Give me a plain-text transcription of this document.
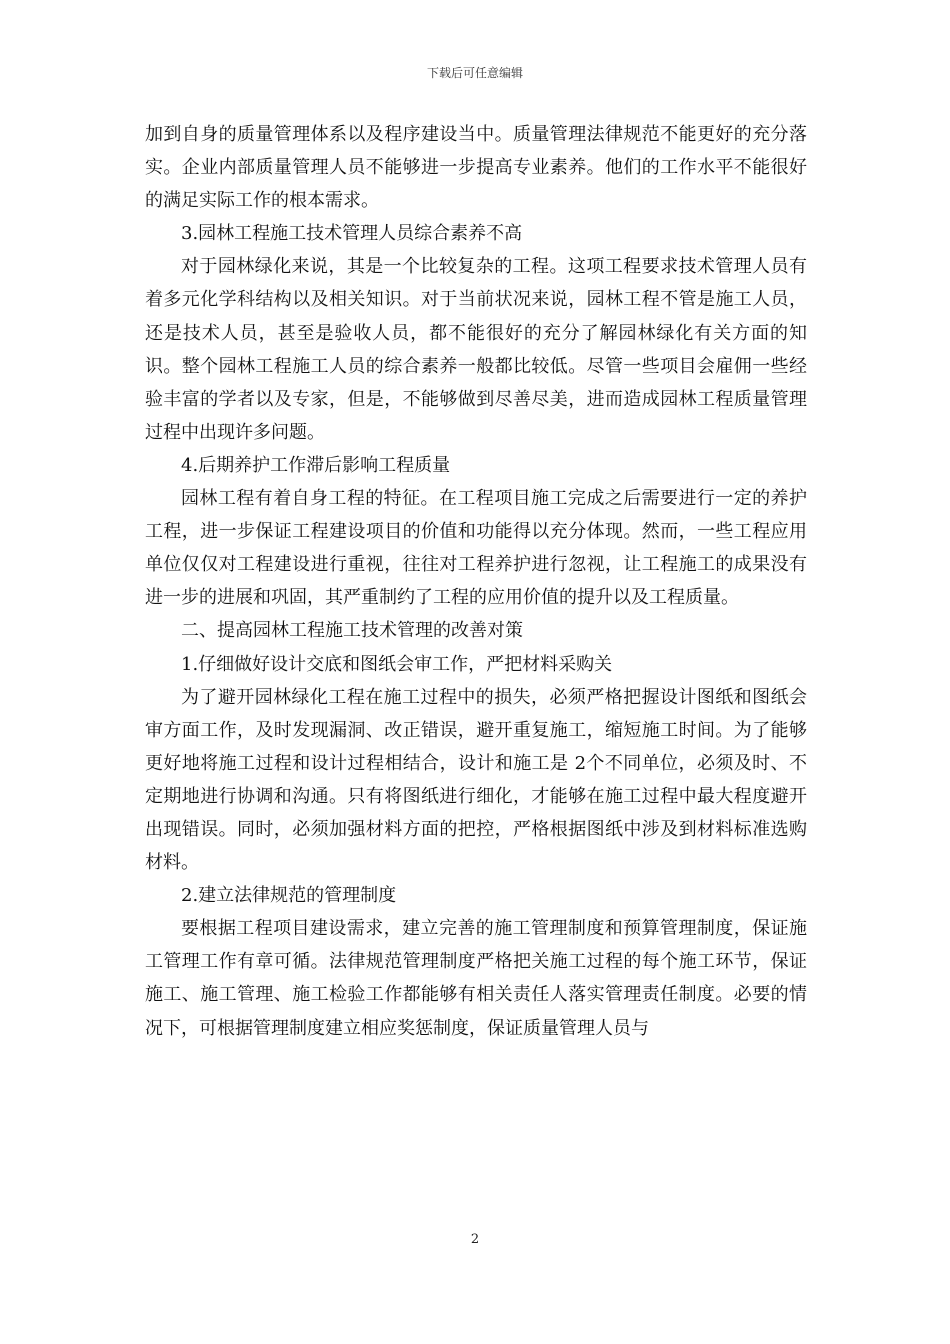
下载后可任意编辑

加到自身的质量管理体系以及程序建设当中。质量管理法律规范不能更好的充分落实。企业内部质量管理人员不能够进一步提高专业素养。他们的工作水平不能很好的满足实际工作的根本需求。

3.园林工程施工技术管理人员综合素养不高

对于园林绿化来说，其是一个比较复杂的工程。这项工程要求技术管理人员有着多元化学科结构以及相关知识。对于当前状况来说，园林工程不管是施工人员，还是技术人员，甚至是验收人员，都不能很好的充分了解园林绿化有关方面的知识。整个园林工程施工人员的综合素养一般都比较低。尽管一些项目会雇佣一些经验丰富的学者以及专家，但是，不能够做到尽善尽美，进而造成园林工程质量管理过程中出现许多问题。

4.后期养护工作滞后影响工程质量

园林工程有着自身工程的特征。在工程项目施工完成之后需要进行一定的养护工程，进一步保证工程建设项目的价值和功能得以充分体现。然而，一些工程应用单位仅仅对工程建设进行重视，往往对工程养护进行忽视，让工程施工的成果没有进一步的进展和巩固，其严重制约了工程的应用价值的提升以及工程质量。

二、提高园林工程施工技术管理的改善对策

1.仔细做好设计交底和图纸会审工作，严把材料采购关

为了避开园林绿化工程在施工过程中的损失，必须严格把握设计图纸和图纸会审方面工作，及时发现漏洞、改正错误，避开重复施工，缩短施工时间。为了能够更好地将施工过程和设计过程相结合，设计和施工是 2个不同单位，必须及时、不定期地进行协调和沟通。只有将图纸进行细化，才能够在施工过程中最大程度避开出现错误。同时，必须加强材料方面的把控，严格根据图纸中涉及到材料标准选购材料。

2.建立法律规范的管理制度

要根据工程项目建设需求，建立完善的施工管理制度和预算管理制度，保证施工管理工作有章可循。法律规范管理制度严格把关施工过程的每个施工环节，保证施工、施工管理、施工检验工作都能够有相关责任人落实管理责任制度。必要的情况下，可根据管理制度建立相应奖惩制度，保证质量管理人员与

2
